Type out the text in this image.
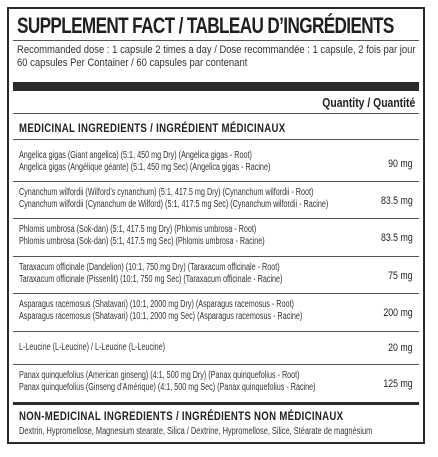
SUPPLEMENT FACT / TABLEAU D’INGRÉDIENTS
Recommanded dose : 1 capsule 2 times a day / Dose recommandée : 1 capsule, 2 fois par jour
60 capsules Per Container / 60 capsules par contenant
Quantity / Quantité
MEDICINAL INGREDIENTS / INGRÉDIENT MÉDICINAUX
Angelica gigas (Giant angelica) (5:1, 450 mg Dry) (Angelica gigas - Root)
Angelica gigas (Angélique géante) (5:1, 450 mg Sec) (Angelica gigas - Racine)	90 mg
Cynanchum wilfordii (Wilford’s cynanchum) (5:1, 417.5 mg Dry) (Cynanchum wilfordii - Root)
Cynanchum wilfordii (Cynanchum de Wilford) (5:1, 417.5 mg Sec) (Cynanchum wilfordii - Racine)	83.5 mg
Phlomis umbrosa (Sok-dan) (5:1, 417.5 mg Dry) (Phlomis umbrosa - Root)
Phlomis umbrosa (Sok-dan) (5:1, 417.5 mg Sec) (Phlomis umbrosa - Racine)	83.5 mg
Taraxacum officinale (Dandelion) (10:1, 750 mg Dry) (Taraxacum officinale - Root)
Taraxacum officinale (Pissenlit) (10:1, 750 mg Sec) (Taraxacum officinale - Racine)	75 mg
Asparagus racemosus (Shatavari) (10:1, 2000 mg Dry) (Asparagus racemosus - Root)
Asparagus racemosus (Shatavari) (10:1, 2000 mg Sec) (Asparagus racemosus - Racine)	200 mg
L-Leucine (L-Leucine) / L-Leucine (L-Leucine)	20 mg
Panax quinquefolius (American ginseng) (4:1, 500 mg Dry) (Panax quinquefolius - Root)
Panax quinquefolius (Ginseng d’Amérique) (4:1, 500 mg Sec) (Panax quinquefolius - Racine)	125 mg
NON-MEDICINAL INGREDIENTS / INGRÉDIENTS NON MÉDICINAUX
Dextrin, Hypromellose, Magnesium stearate, Silica / Dextrine, Hypromellose, Silice, Stéarate de magnésium
